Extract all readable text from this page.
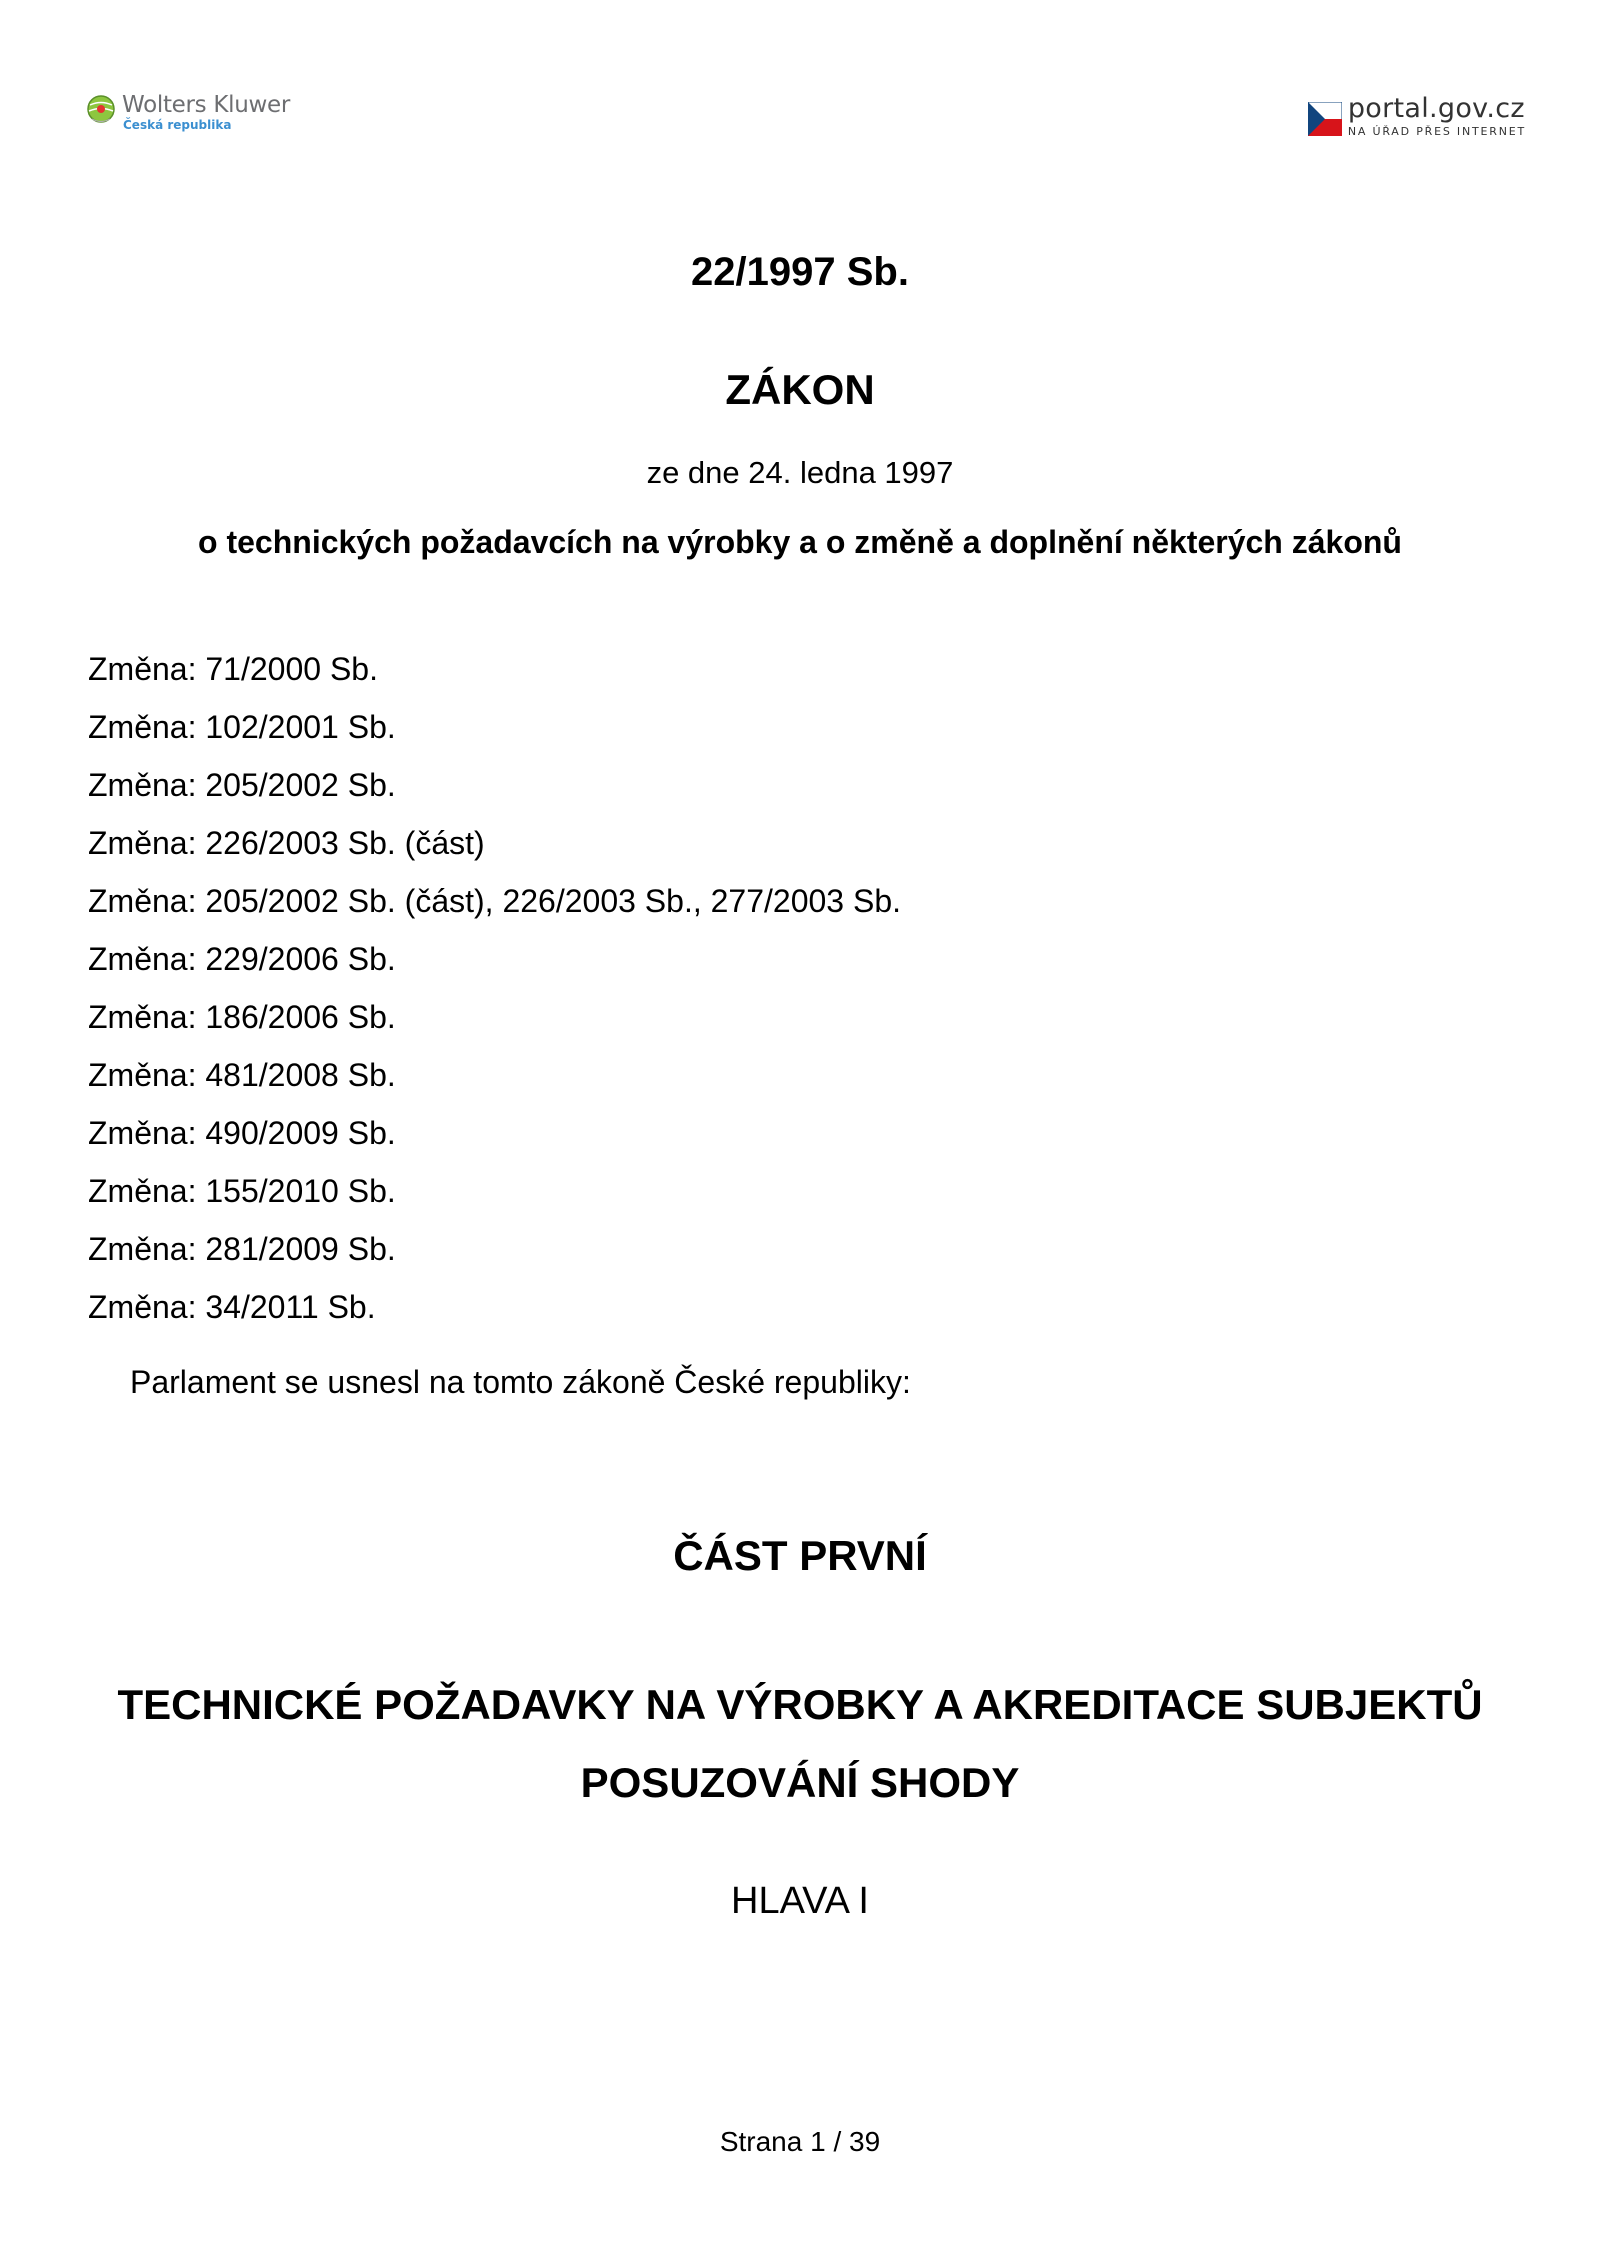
Wolters Kluwer
Česká republika
portal.gov.cz
NA ÚŘAD PŘES INTERNET
22/1997 Sb.
ZÁKON
ze dne 24. ledna 1997
o technických požadavcích na výrobky a o změně a doplnění některých zákonů
Změna: 71/2000 Sb.
Změna: 102/2001 Sb.
Změna: 205/2002 Sb.
Změna: 226/2003 Sb. (část)
Změna: 205/2002 Sb. (část), 226/2003 Sb., 277/2003 Sb.
Změna: 229/2006 Sb.
Změna: 186/2006 Sb.
Změna: 481/2008 Sb.
Změna: 490/2009 Sb.
Změna: 155/2010 Sb.
Změna: 281/2009 Sb.
Změna: 34/2011 Sb.
Parlament se usnesl na tomto zákoně České republiky:
ČÁST PRVNÍ
TECHNICKÉ POŽADAVKY NA VÝROBKY A AKREDITACE SUBJEKTŮ POSUZOVÁNÍ SHODY
HLAVA I
Strana 1 / 39
